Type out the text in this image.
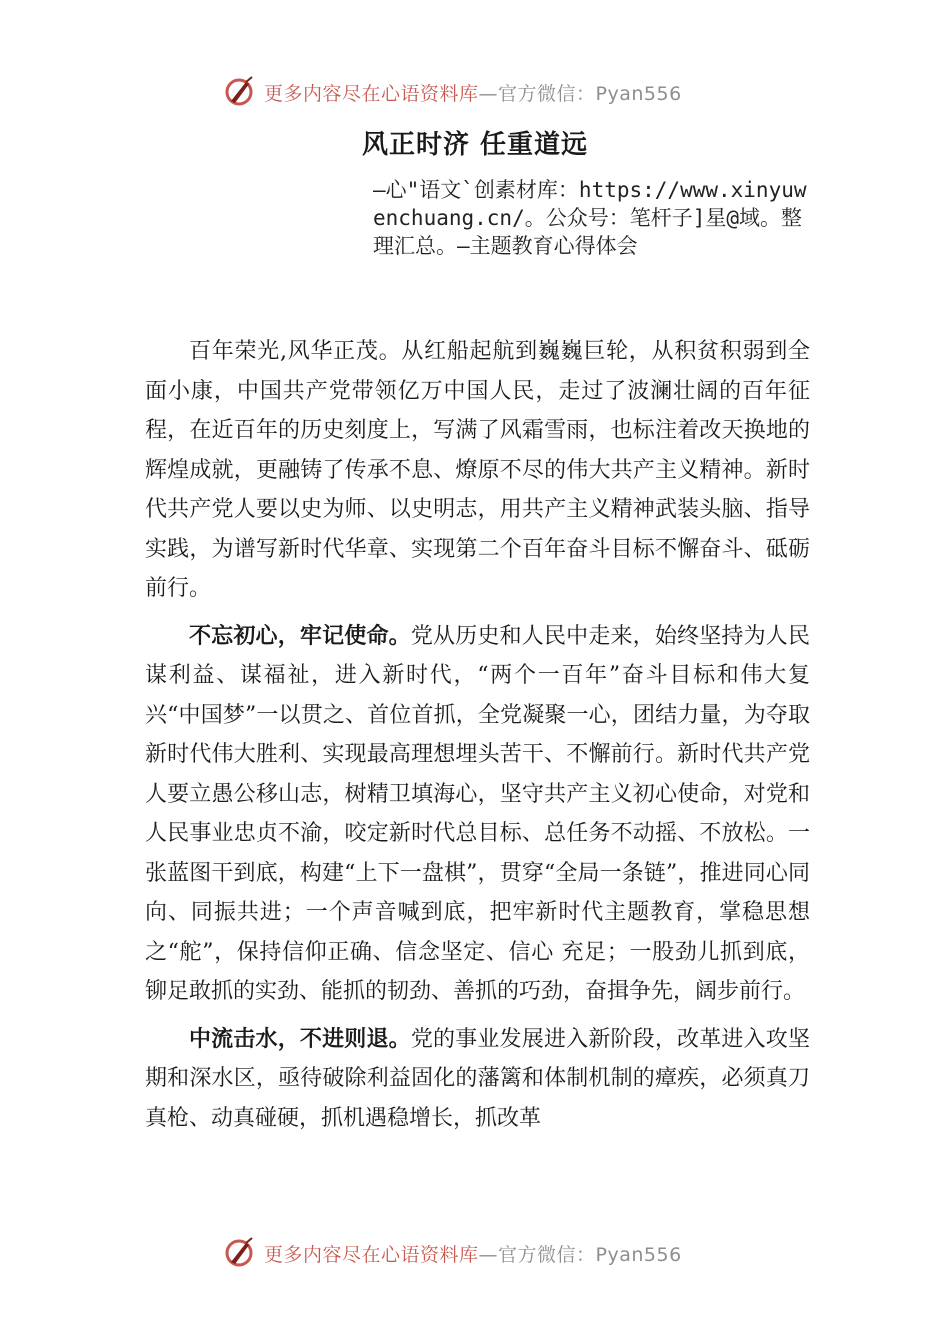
更多内容尽在心语资料库—官方微信：Pyan556
风正时济 任重道远
—心"语文`创素材库：https://www.xinyuwenchuang.cn/。公众号：笔杆子]星@域。整理汇总。—主题教育心得体会

百年荣光,风华正茂。从红船起航到巍巍巨轮，从积贫积弱到全面小康，中国共产党带领亿万中国人民，走过了波澜壮阔的百年征程，在近百年的历史刻度上，写满了风霜雪雨，也标注着改天换地的辉煌成就，更融铸了传承不息、燎原不尽的伟大共产主义精神。新时代共产党人要以史为师、以史明志，用共产主义精神武装头脑、指导实践，为谱写新时代华章、实现第二个百年奋斗目标不懈奋斗、砥砺前行。

不忘初心，牢记使命。党从历史和人民中走来，始终坚持为人民谋利益、谋福祉，进入新时代，“两个一百年”奋斗目标和伟大复兴“中国梦”一以贯之、首位首抓，全党凝聚一心，团结力量，为夺取新时代伟大胜利、实现最高理想埋头苦干、不懈前行。新时代共产党人要立愚公移山志，树精卫填海心，坚守共产主义初心使命，对党和人民事业忠贞不渝，咬定新时代总目标、总任务不动摇、不放松。一张蓝图干到底，构建“上下一盘棋”，贯穿“全局一条链”，推进同心同向、同振共进；一个声音喊到底，把牢新时代主题教育，掌稳思想之“舵”，保持信仰正确、信念坚定、信心 充足；一股劲儿抓到底，铆足敢抓的实劲、能抓的韧劲、善抓的巧劲，奋揖争先，阔步前行。

中流击水，不进则退。党的事业发展进入新阶段，改革进入攻坚期和深水区，亟待破除利益固化的藩篱和体制机制的瘴疾，必须真刀真枪、动真碰硬，抓机遇稳增长，抓改革

更多内容尽在心语资料库—官方微信：Pyan556
